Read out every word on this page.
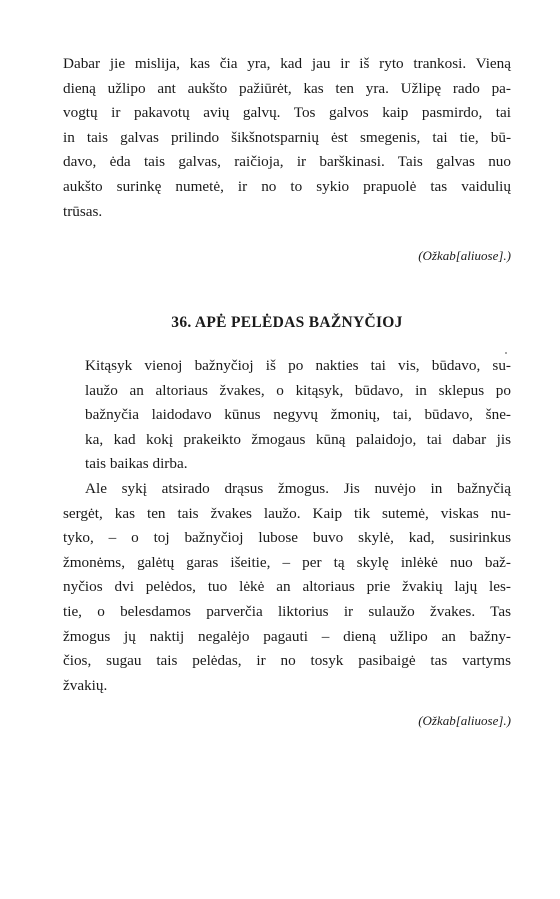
Dabar jie mislija, kas čia yra, kad jau ir iš ryto trankosi. Vieną
dieną užlipo ant aukšto pažiūrėt, kas ten yra. Užlipę rado pa-
vogtų ir pakavotų avių galvų. Tos galvos kaip pasmirdo, tai
in tais galvas prilindo šikšnotsparnių ėst smegenis, tai tie, bū-
davo, ėda tais galvas, raičioja, ir barškinasi. Tais galvas nuo
aukšto surinkę numetė, ir no to sykio prapuolė tas vaidulių
trūsas.

(Ožkab[aliuose].)

36. APĖ PELĖDAS BAŽNYČIOJ
Kitąsyk vienoj bažnyčioj iš po nakties tai vis, būdavo, su-
laužo an altoriaus žvakes, o kitąsyk, būdavo, in sklepus po
bažnyčia laidodavo kūnus negyvų žmonių, tai, būdavo, šne-
ka, kad kokį prakeikto žmogaus kūną palaidojo, tai dabar jis
tais baikas dirba.
Ale sykį atsirado drąsus žmogus. Jis nuvėjo in bažnyčią
sergėt, kas ten tais žvakes laužo. Kaip tik sutemė, viskas nu-
tyko, – o toj bažnyčioj lubose buvo skylė, kad, susirinkus
žmonėms, galėtų garas išeitie, – per tą skylę inlėkė nuo baž-
nyčios dvi pelėdos, tuo lėkė an altoriaus prie žvakių lajų les-
tie, o belesdamos parverčia liktorius ir sulaužo žvakes. Tas
žmogus jų naktij negalėjo pagauti – dieną užlipo an bažny-
čios, sugau tais pelėdas, ir no tosyk pasibaigė tas vartyms
žvakių.

(Ožkab[aliuose].)
